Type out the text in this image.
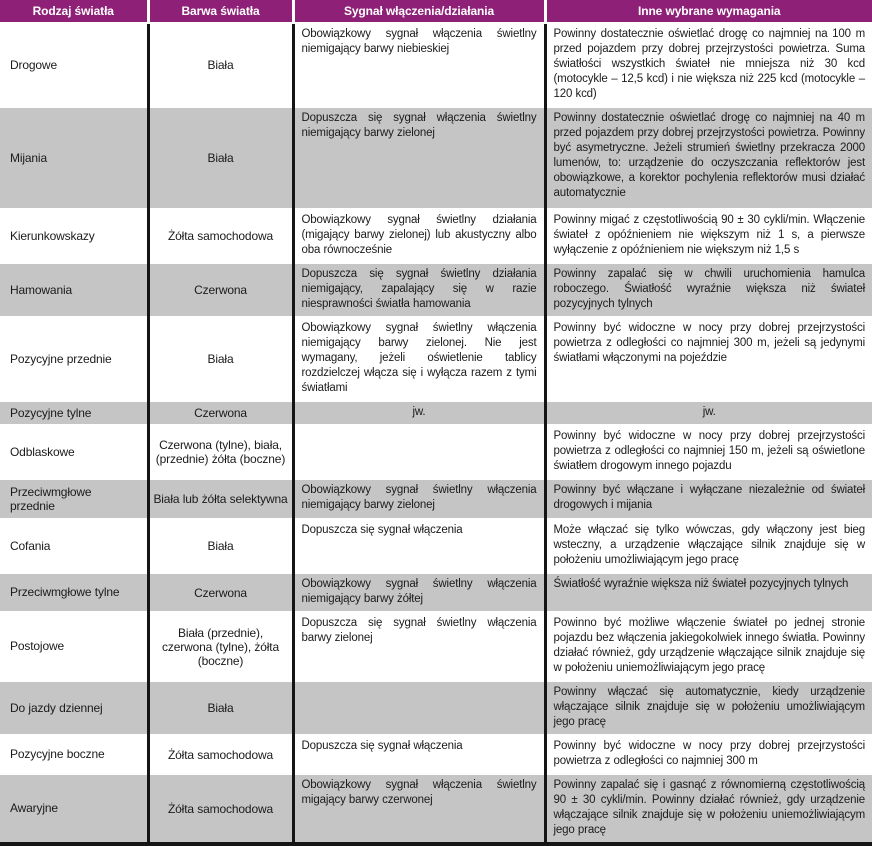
Rodzaj światła	Barwa światła	Sygnał włączenia/działania	Inne wybrane wymagania
Drogowe	Biała	Obowiązkowy sygnał włączenia świetlny niemigający barwy niebieskiej	Powinny dostatecznie oświetlać drogę co najmniej na 100 m przed pojazdem przy dobrej przejrzystości powietrza. Suma światłości wszystkich świateł nie mniejsza niż 30 kcd (motocykle – 12,5 kcd) i nie większa niż 225 kcd (motocykle – 120 kcd)
Mijania	Biała	Dopuszcza się sygnał włączenia świetlny niemigający barwy zielonej	Powinny dostatecznie oświetlać drogę co najmniej na 40 m przed pojazdem przy dobrej przejrzystości powietrza. Powinny być asymetryczne. Jeżeli strumień świetlny przekracza 2000 lumenów, to: urządzenie do oczyszczania reflektorów jest obowiązkowe, a korektor pochylenia reflektorów musi działać automatycznie
Kierunkowskazy	Żółta samochodowa	Obowiązkowy sygnał świetlny działania (migający barwy zielonej) lub akustyczny albo oba równocześnie	Powinny migać z częstotliwością 90 ± 30 cykli/min. Włączenie świateł z opóźnieniem nie większym niż 1 s, a pierwsze wyłączenie z opóźnieniem nie większym niż 1,5 s
Hamowania	Czerwona	Dopuszcza się sygnał świetlny działania niemigający, zapalający się w razie niesprawności światła hamowania	Powinny zapalać się w chwili uruchomienia hamulca roboczego. Światłość wyraźnie większa niż świateł pozycyjnych tylnych
Pozycyjne przednie	Biała	Obowiązkowy sygnał świetlny włączenia niemigający barwy zielonej. Nie jest wymagany, jeżeli oświetlenie tablicy rozdzielczej włącza się i wyłącza razem z tymi światłami	Powinny być widoczne w nocy przy dobrej przejrzystości powietrza z odległości co najmniej 300 m, jeżeli są jedynymi światłami włączonymi na pojeździe
Pozycyjne tylne	Czerwona	jw.	jw.
Odblaskowe	Czerwona (tylne), biała, (przednie) żółta (boczne)		Powinny być widoczne w nocy przy dobrej przejrzystości powietrza z odległości co najmniej 150 m, jeżeli są oświetlone światłem drogowym innego pojazdu
Przeciwmgłowe przednie	Biała lub żółta selektywna	Obowiązkowy sygnał świetlny włączenia niemigający barwy zielonej	Powinny być włączane i wyłączane niezależnie od świateł drogowych i mijania
Cofania	Biała	Dopuszcza się sygnał włączenia	Może włączać się tylko wówczas, gdy włączony jest bieg wsteczny, a urządzenie włączające silnik znajduje się w położeniu umożliwiającym jego pracę
Przeciwmgłowe tylne	Czerwona	Obowiązkowy sygnał świetlny włączenia niemigający barwy żółtej	Światłość wyraźnie większa niż świateł pozycyjnych tylnych
Postojowe	Biała (przednie), czerwona (tylne), żółta (boczne)	Dopuszcza się sygnał świetlny włączenia barwy zielonej	Powinno być możliwe włączenie świateł po jednej stronie pojazdu bez włączenia jakiegokolwiek innego światła. Powinny działać również, gdy urządzenie włączające silnik znajduje się w położeniu uniemożliwiającym jego pracę
Do jazdy dziennej	Biała		Powinny włączać się automatycznie, kiedy urządzenie włączające silnik znajduje się w położeniu umożliwiającym jego pracę
Pozycyjne boczne	Żółta samochodowa	Dopuszcza się sygnał włączenia	Powinny być widoczne w nocy przy dobrej przejrzystości powietrza z odległości co najmniej 300 m
Awaryjne	Żółta samochodowa	Obowiązkowy sygnał włączenia świetlny migający barwy czerwonej	Powinny zapalać się i gasnąć z równomierną częstotliwością 90 ± 30 cykli/min. Powinny działać również, gdy urządzenie włączające silnik znajduje się w położeniu uniemożliwiającym jego pracę
